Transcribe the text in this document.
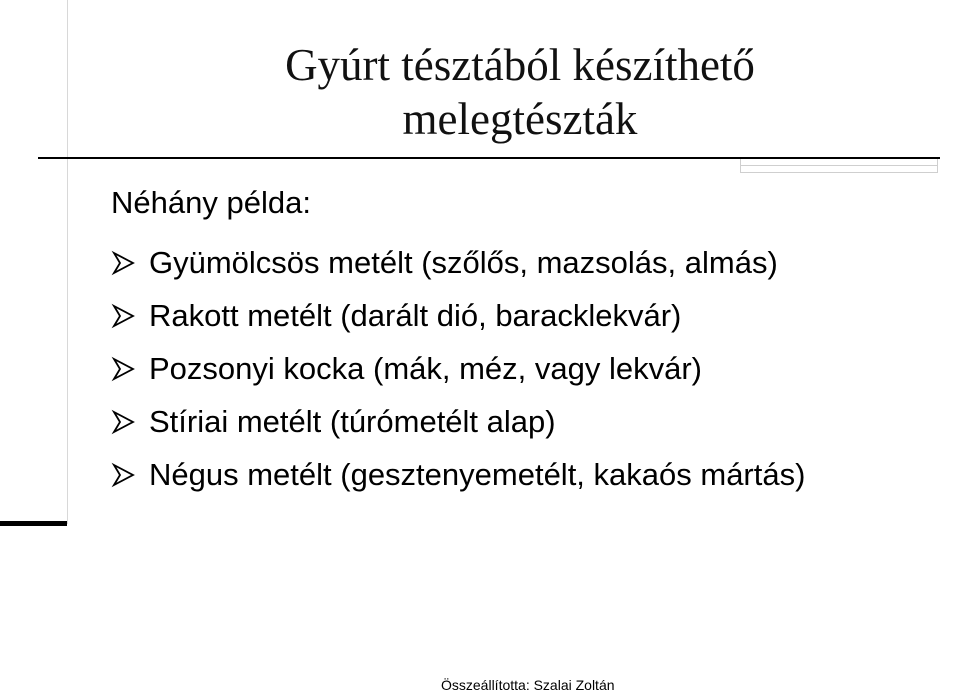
Gyúrt tésztából készíthető
melegtészták
Néhány példa:
Gyümölcsös metélt (szőlős, mazsolás, almás)
Rakott metélt (darált dió, baracklekvár)
Pozsonyi kocka (mák, méz, vagy lekvár)
Stíriai metélt (túrómetélt alap)
Négus metélt (gesztenyemetélt, kakaós mártás)
Összeállította: Szalai Zoltán
